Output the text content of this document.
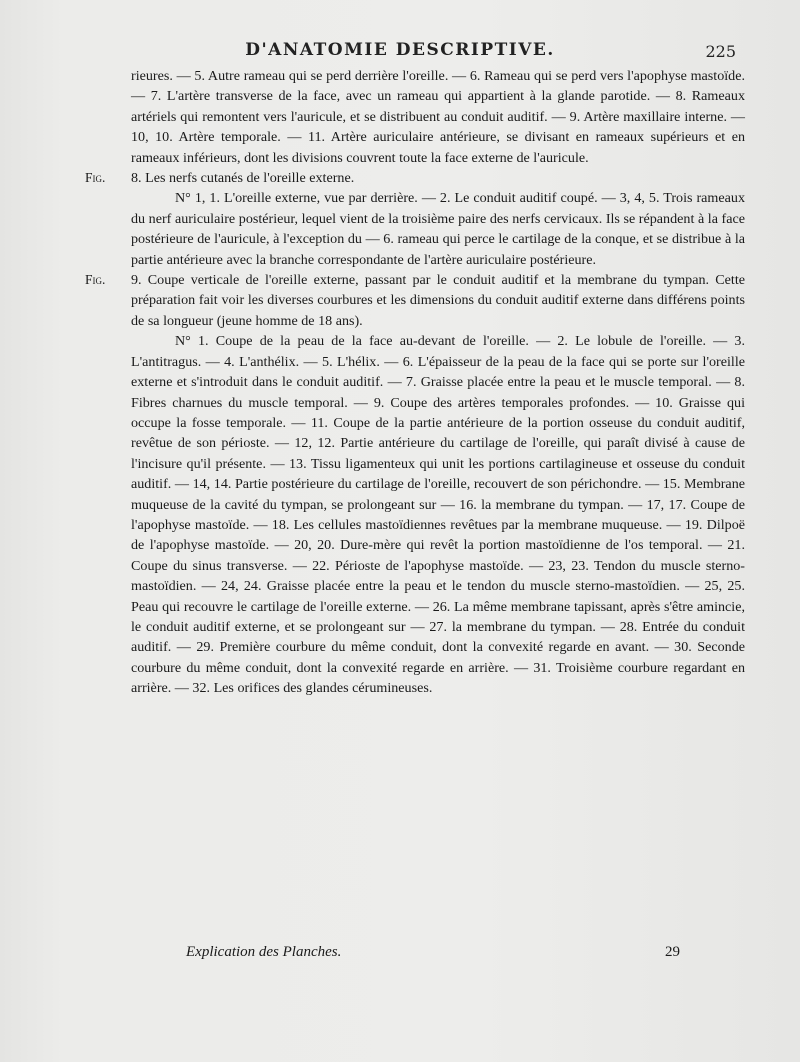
D'ANATOMIE DESCRIPTIVE.	225

rieures. — 5. Autre rameau qui se perd derrière l'oreille. — 6. Rameau qui se perd vers l'apophyse mastoïde. — 7. L'artère transverse de la face, avec un rameau qui appartient à la glande parotide. — 8. Rameaux artériels qui remontent vers l'auricule, et se distribuent au conduit auditif. — 9. Artère maxillaire interne. — 10, 10. Artère temporale. — 11. Artère auriculaire antérieure, se divisant en rameaux supérieurs et en rameaux inférieurs, dont les divisions couvrent toute la face externe de l'auricule.

Fig. 8. Les nerfs cutanés de l'oreille externe.

N° 1, 1. L'oreille externe, vue par derrière. — 2. Le conduit auditif coupé. — 3, 4, 5. Trois rameaux du nerf auriculaire postérieur, lequel vient de la troisième paire des nerfs cervicaux. Ils se répandent à la face postérieure de l'auricule, à l'exception du — 6. rameau qui perce le cartilage de la conque, et se distribue à la partie antérieure avec la branche correspondante de l'artère auriculaire postérieure.

Fig. 9. Coupe verticale de l'oreille externe, passant par le conduit auditif et la membrane du tympan. Cette préparation fait voir les diverses courbures et les dimensions du conduit auditif externe dans différens points de sa longueur (jeune homme de 18 ans).

N° 1. Coupe de la peau de la face au-devant de l'oreille. — 2. Le lobule de l'oreille. — 3. L'antitragus. — 4. L'anthélix. — 5. L'hélix. — 6. L'épaisseur de la peau de la face qui se porte sur l'oreille externe et s'introduit dans le conduit auditif. — 7. Graisse placée entre la peau et le muscle temporal. — 8. Fibres charnues du muscle temporal. — 9. Coupe des artères temporales profondes. — 10. Graisse qui occupe la fosse temporale. — 11. Coupe de la partie antérieure de la portion osseuse du conduit auditif, revêtue de son périoste. — 12, 12. Partie antérieure du cartilage de l'oreille, qui paraît divisé à cause de l'incisure qu'il présente. — 13. Tissu ligamenteux qui unit les portions cartilagineuse et osseuse du conduit auditif. — 14, 14. Partie postérieure du cartilage de l'oreille, recouvert de son périchondre. — 15. Membrane muqueuse de la cavité du tympan, se prolongeant sur — 16. la membrane du tympan. — 17, 17. Coupe de l'apophyse mastoïde. — 18. Les cellules mastoïdiennes revêtues par la membrane muqueuse. — 19. Dilpoë de l'apophyse mastoïde. — 20, 20. Dure-mère qui revêt la portion mastoïdienne de l'os temporal. — 21. Coupe du sinus transverse. — 22. Périoste de l'apophyse mastoïde. — 23, 23. Tendon du muscle sterno-mastoïdien. — 24, 24. Graisse placée entre la peau et le tendon du muscle sterno-mastoïdien. — 25, 25. Peau qui recouvre le cartilage de l'oreille externe. — 26. La même membrane tapissant, après s'être amincie, le conduit auditif externe, et se prolongeant sur — 27. la membrane du tympan. — 28. Entrée du conduit auditif. — 29. Première courbure du même conduit, dont la convexité regarde en avant. — 30. Seconde courbure du même conduit, dont la convexité regarde en arrière. — 31. Troisième courbure regardant en arrière. — 32. Les orifices des glandes cérumineuses.

Explication des Planches.	29
